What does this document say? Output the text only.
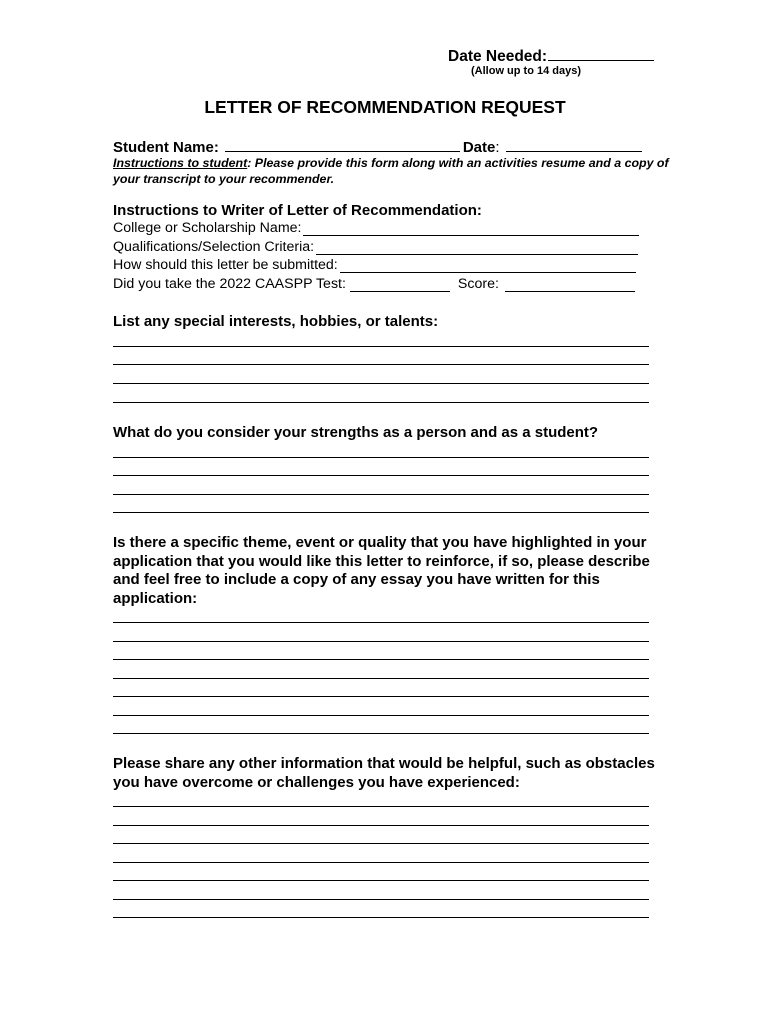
Date Needed:
(Allow up to 14 days)
LETTER OF RECOMMENDATION REQUEST
Student Name:	Date:
Instructions to student: Please provide this form along with an activities resume and a copy of your transcript to your recommender.
Instructions to Writer of Letter of Recommendation:
College or Scholarship Name:
Qualifications/Selection Criteria:
How should this letter be submitted:
Did you take the 2022 CAASPP Test:	Score:
List any special interests, hobbies, or talents:
What do you consider your strengths as a person and as a student?
Is there a specific theme, event or quality that you have highlighted in your application that you would like this letter to reinforce, if so, please describe and feel free to include a copy of any essay you have written for this application:
Please share any other information that would be helpful, such as obstacles you have overcome or challenges you have experienced:
